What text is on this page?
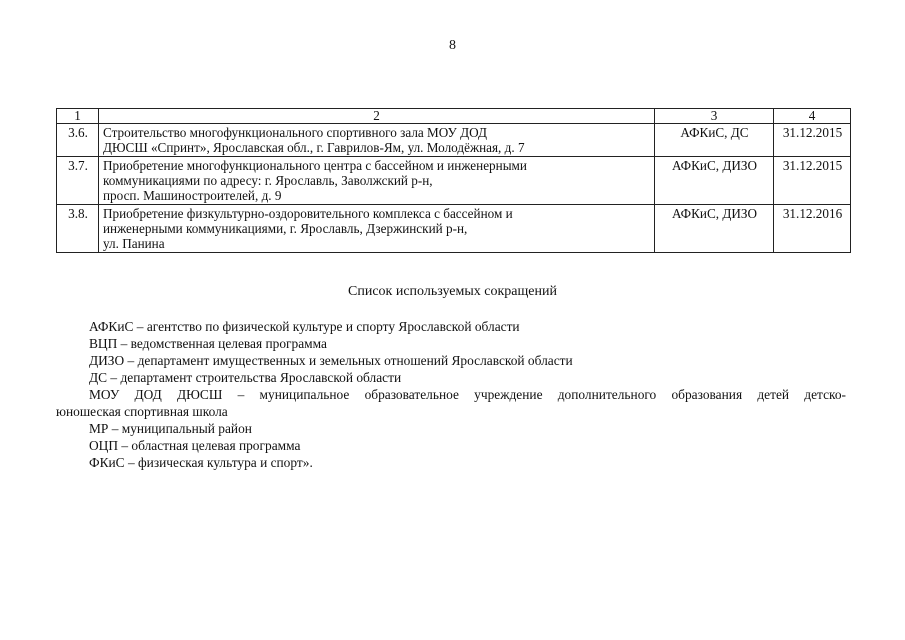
8
1	2	3	4
3.6.	Строительство многофункционального спортивного зала МОУ ДОД
ДЮСШ «Спринт», Ярославская обл., г. Гаврилов-Ям, ул. Молодёжная, д. 7	АФКиС, ДС	31.12.2015
3.7.	Приобретение многофункционального центра с бассейном и инженерными
коммуникациями по адресу: г. Ярославль, Заволжский р-н,
просп. Машиностроителей, д. 9	АФКиС, ДИЗО	31.12.2015
3.8.	Приобретение физкультурно-оздоровительного комплекса с бассейном и
инженерными коммуникациями, г. Ярославль, Дзержинский р-н,
ул. Панина	АФКиС, ДИЗО	31.12.2016
Список используемых сокращений
АФКиС – агентство по физической культуре и спорту Ярославской области
ВЦП – ведомственная целевая программа
ДИЗО – департамент имущественных и земельных отношений Ярославской области
ДС – департамент строительства Ярославской области
МОУ ДОД ДЮСШ – муниципальное образовательное учреждение дополнительного образования детей детско-
юношеская спортивная школа
МР – муниципальный район
ОЦП – областная целевая программа
ФКиС – физическая культура и спорт».
